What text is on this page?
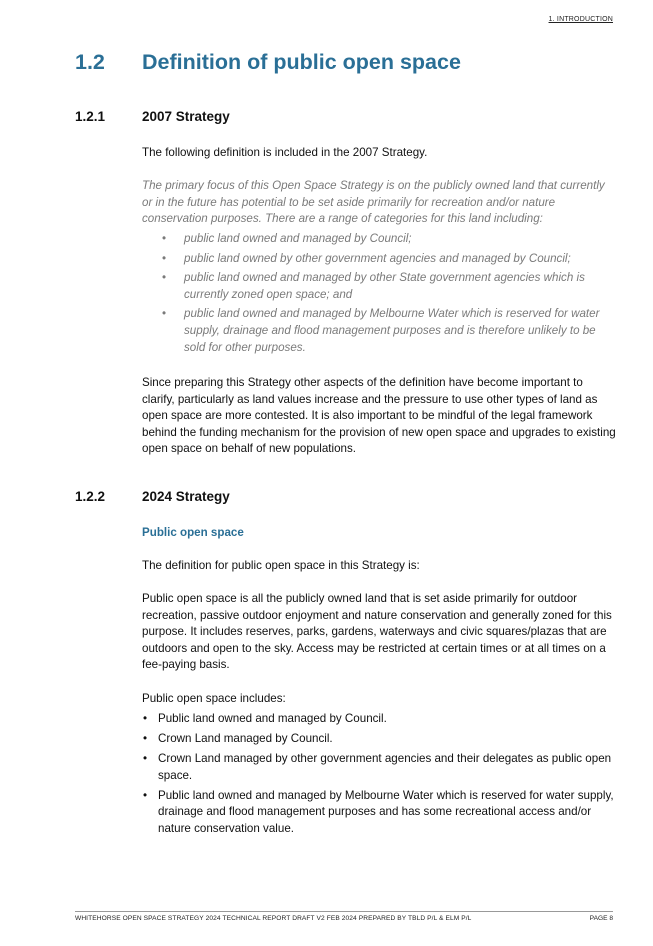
1. INTRODUCTION
1.2 Definition of public open space
1.2.1	2007 Strategy

The following definition is included in the 2007 Strategy.

The primary focus of this Open Space Strategy is on the publicly owned land that currently or in the future has potential to be set aside primarily for recreation and/or nature conservation purposes. There are a range of categories for this land including:

• public land owned and managed by Council;
• public land owned by other government agencies and managed by Council;
• public land owned and managed by other State government agencies which is currently zoned open space; and
• public land owned and managed by Melbourne Water which is reserved for water supply, drainage and flood management purposes and is therefore unlikely to be sold for other purposes.

Since preparing this Strategy other aspects of the definition have become important to clarify, particularly as land values increase and the pressure to use other types of land as open space are more contested. It is also important to be mindful of the legal framework behind the funding mechanism for the provision of new open space and upgrades to existing open space on behalf of new populations.

1.2.2	2024 Strategy
Public open space

The definition for public open space in this Strategy is:

Public open space is all the publicly owned land that is set aside primarily for outdoor recreation, passive outdoor enjoyment and nature conservation and generally zoned for this purpose. It includes reserves, parks, gardens, waterways and civic squares/plazas that are outdoors and open to the sky. Access may be restricted at certain times or at all times on a fee-paying basis.

Public open space includes:

• Public land owned and managed by Council.
• Crown Land managed by Council.
• Crown Land managed by other government agencies and their delegates as public open space.
• Public land owned and managed by Melbourne Water which is reserved for water supply, drainage and flood management purposes and has some recreational access and/or nature conservation value.
WHITEHORSE OPEN SPACE STRATEGY 2024 TECHNICAL REPORT DRAFT V2 FEB 2024 PREPARED BY TBLD P/L & ELM P/L	PAGE 8
